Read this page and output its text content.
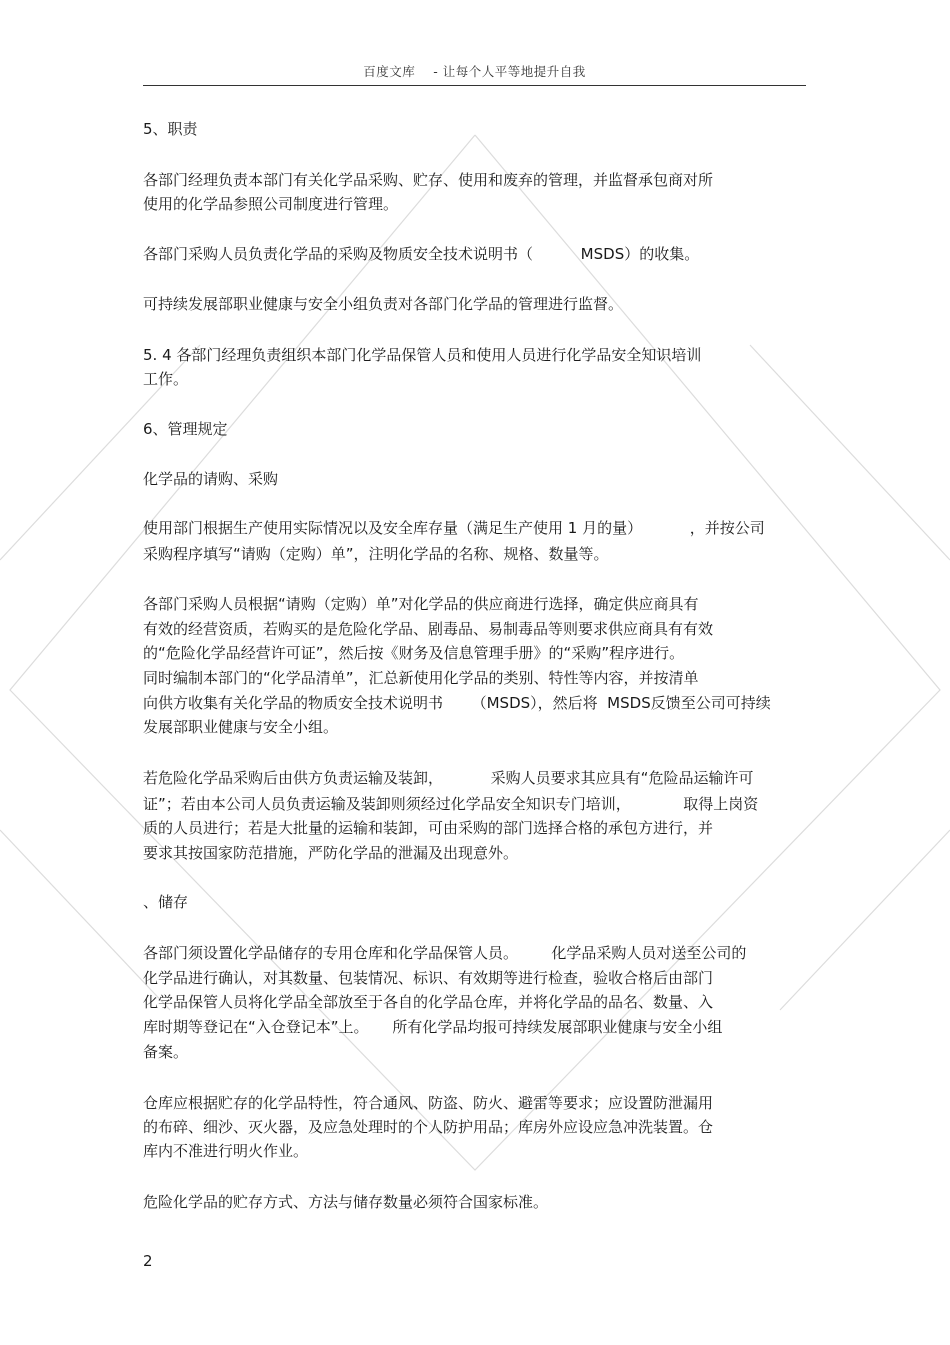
百度文库 - 让每个人平等地提升自我
5、职责
各部门经理负责本部门有关化学品采购、贮存、使用和废弃的管理，并监督承包商对所
使用的化学品参照公司制度进行管理。
各部门采购人员负责化学品的采购及物质安全技术说明书（          MSDS）的收集。
可持续发展部职业健康与安全小组负责对各部门化学品的管理进行监督。
5. 4 各部门经理负责组织本部门化学品保管人员和使用人员进行化学品安全知识培训
工作。
6、管理规定
化学品的请购、采购
使用部门根据生产使用实际情况以及安全库存量（满足生产使用 1 月的量）          ，并按公司
采购程序填写“请购（定购）单”，注明化学品的名称、规格、数量等。
各部门采购人员根据“请购（定购）单”对化学品的供应商进行选择，确定供应商具有
有效的经营资质，若购买的是危险化学品、剧毒品、易制毒品等则要求供应商具有有效
的“危险化学品经营许可证”，然后按《财务及信息管理手册》的“采购”程序进行。
同时编制本部门的“化学品清单”，汇总新使用化学品的类别、特性等内容，并按清单
向供方收集有关化学品的物质安全技术说明书      （MSDS），然后将  MSDS反馈至公司可持续
发展部职业健康与安全小组。
若危险化学品采购后由供方负责运输及装卸，          采购人员要求其应具有“危险品运输许可
证”；若由本公司人员负责运输及装卸则须经过化学品安全知识专门培训，           取得上岗资
质的人员进行；若是大批量的运输和装卸，可由采购的部门选择合格的承包方进行，并
要求其按国家防范措施，严防化学品的泄漏及出现意外。
、储存
各部门须设置化学品储存的专用仓库和化学品保管人员。       化学品采购人员对送至公司的
化学品进行确认，对其数量、包装情况、标识、有效期等进行检查，验收合格后由部门
化学品保管人员将化学品全部放至于各自的化学品仓库，并将化学品的品名、数量、入
库时期等登记在“入仓登记本”上。     所有化学品均报可持续发展部职业健康与安全小组
备案。
仓库应根据贮存的化学品特性，符合通风、防盗、防火、避雷等要求；应设置防泄漏用
的布碎、细沙、灭火器，及应急处理时的个人防护用品；库房外应设应急冲洗装置。仓
库内不准进行明火作业。
危险化学品的贮存方式、方法与储存数量必须符合国家标准。
2
